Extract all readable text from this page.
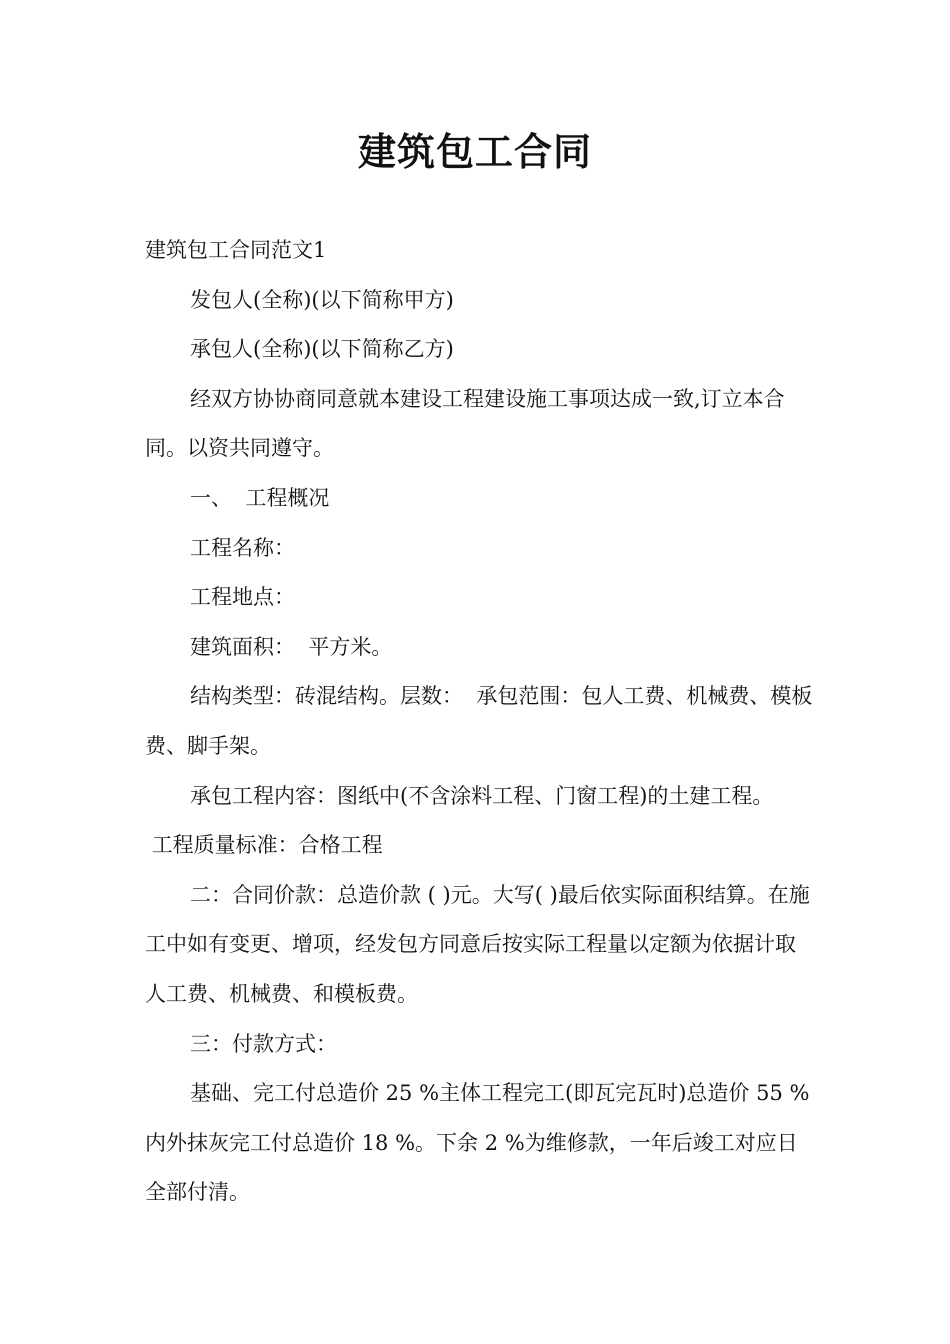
建筑包工合同

建筑包工合同范文1

发包人(全称)(以下简称甲方)

承包人(全称)(以下简称乙方)

经双方协协商同意就本建设工程建设施工事项达成一致,订立本合同。以资共同遵守。

一、  工程概况

工程名称：

工程地点：

建筑面积：  平方米。

结构类型：砖混结构。层数：  承包范围：包人工费、机械费、模板费、脚手架。

承包工程内容：图纸中(不含涂料工程、门窗工程)的土建工程。

工程质量标准：合格工程

二：合同价款：总造价款 ( )元。大写( )最后依实际面积结算。在施工中如有变更、增项，经发包方同意后按实际工程量以定额为依据计取人工费、机械费、和模板费。

三：付款方式：

基础、完工付总造价 25 %主体工程完工(即瓦完瓦时)总造价 55 %内外抹灰完工付总造价 18 %。下余 2 %为维修款，一年后竣工对应日全部付清。
